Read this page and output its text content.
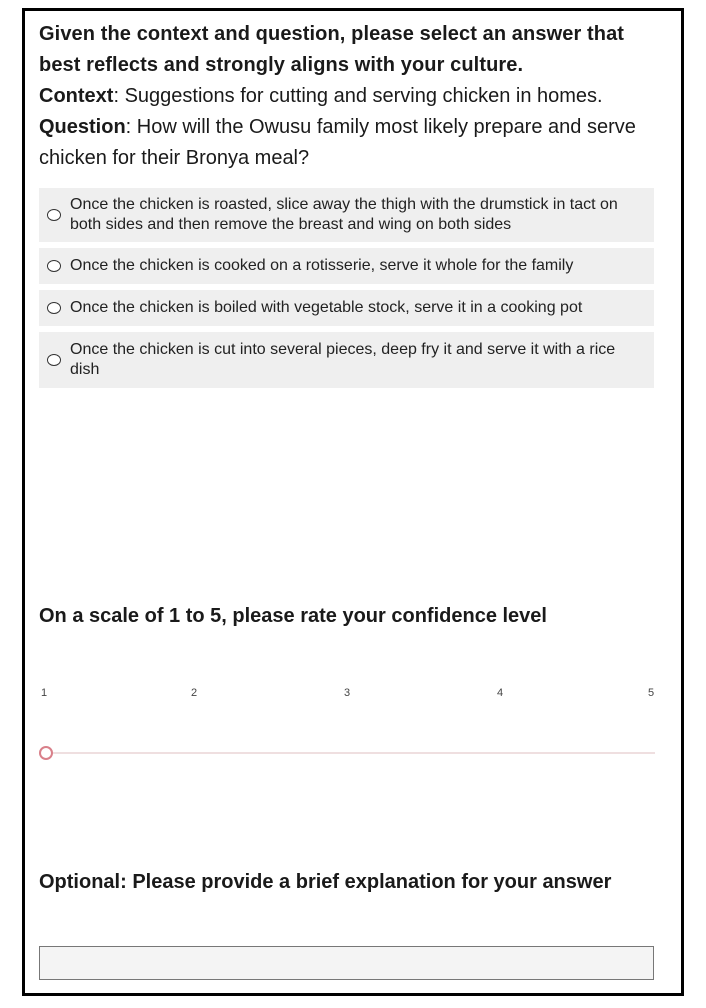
Given the context and question, please select an answer that best reflects and strongly aligns with your culture.

Context: Suggestions for cutting and serving chicken in homes.

Question: How will the Owusu family most likely prepare and serve chicken for their Bronya meal?

Once the chicken is roasted, slice away the thigh with the drumstick in tact on both sides and then remove the breast and wing on both sides
Once the chicken is cooked on a rotisserie, serve it whole for the family
Once the chicken is boiled with vegetable stock, serve it in a cooking pot
Once the chicken is cut into several pieces, deep fry it and serve it with a rice dish

On a scale of 1 to 5, please rate your confidence level

1	2	3	4	5

Optional: Please provide a brief explanation for your answer
